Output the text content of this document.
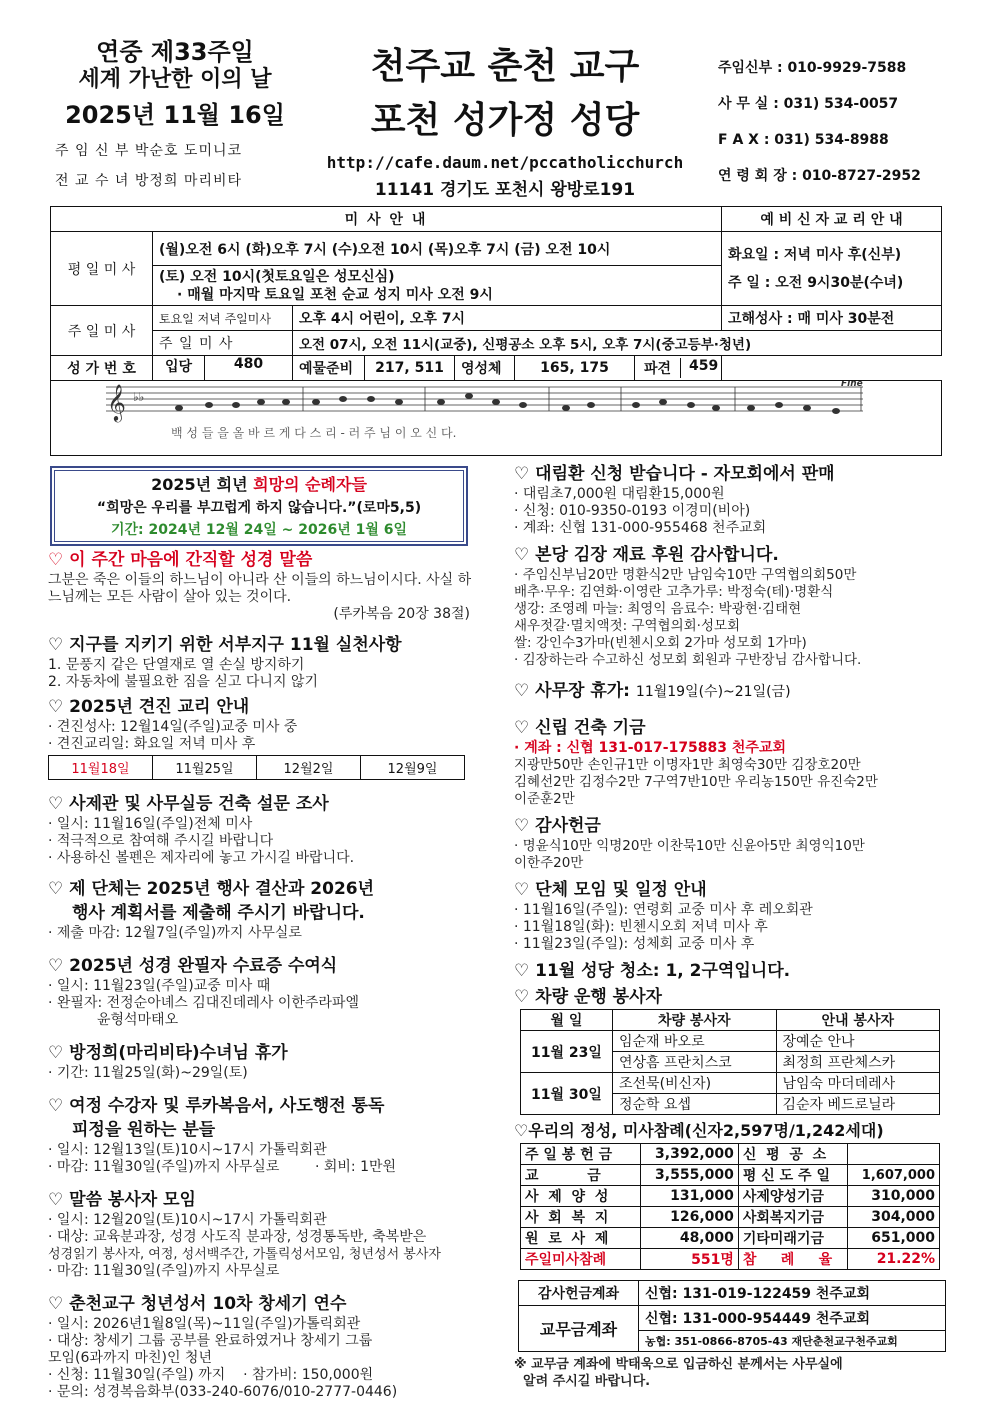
연중 제33주일
세계 가난한 이의 날
2025년 11월 16일
주 임 신 부 박순호 도미니코
전 교 수 녀 방정희 마리비타
천주교 춘천 교구
포천 성가정 성당
http://cafe.daum.net/pccatholicchurch
11141 경기도 포천시 왕방로191
주임신부 : 010-9929-7588
사 무 실 : 031) 534-0057
F A X : 031) 534-8988
연 령 회 장 : 010-8727-2952
미 사 안 내							예 비 신 자 교 리 안 내
평 일 미 사	(월)오전 6시 (화)오후 7시 (수)오전 10시 (목)오후 7시 (금) 오전 10시						화요일 : 저녁 미사 후(신부)
주 일 : 오전 9시30분(수녀)

	(토) 오전 10시(첫토요일은 성모신심)
· 매월 마지막 토요일 포천 순교 성지 미사 오전 9시						

주 일 미 사	토요일 저녁 주일미사	오후 4시 어린이, 오후 7시					고해성사 : 매 미사 30분전
	주 일 미 사	오전 07시, 오전 11시(교중), 신평공소 오후 5시, 오후 7시(중고등부·청년)					
성 가 번 호	입당 480	예물준비	217, 511	영성체	165, 175	파견 459	

𝄞 ♭♭
Fine
백 성 들 을 올 바 르 게 다 스 리 - 러 주 님 이 오 신 다.							
2025년 희년 희망의 순례자들
“희망은 우리를 부끄럽게 하지 않습니다.”(로마5,5)
기간: 2024년 12월 24일 ~ 2026년 1월 6일
♡ 이 주간 마음에 간직할 성경 말씀
그분은 죽은 이들의 하느님이 아니라 산 이들의 하느님이시다. 사실 하느님께는 모든 사람이 살아 있는 것이다.
(루카복음 20장 38절)
♡ 지구를 지키기 위한 서부지구 11월 실천사항
1. 문풍지 같은 단열재로 열 손실 방지하기
2. 자동차에 불필요한 짐을 싣고 다니지 않기
♡ 2025년 견진 교리 안내
· 견진성사: 12월14일(주일)교중 미사 중
· 견진교리일: 화요일 저녁 미사 후
11월18일	11월25일	12월2일	12월9일
♡ 사제관 및 사무실등 건축 설문 조사
· 일시: 11월16일(주일)전체 미사
· 적극적으로 참여해 주시길 바랍니다
· 사용하신 볼펜은 제자리에 놓고 가시길 바랍니다.
♡ 제 단체는 2025년 행사 결산과 2026년
행사 계획서를 제출해 주시기 바랍니다.
· 제출 마감: 12월7일(주일)까지 사무실로
♡ 2025년 성경 완필자 수료증 수여식
· 일시: 11월23일(주일)교중 미사 때
· 완필자: 전정순아녜스 김대진데레사 이한주라파엘
윤형석마태오
♡ 방정희(마리비타)수녀님 휴가
· 기간: 11월25일(화)~29일(토)
♡ 여정 수강자 및 루카복음서, 사도행전 통독
피정을 원하는 분들
· 일시: 12월13일(토)10시~17시 가톨릭회관
· 마감: 11월30일(주일)까지 사무실로        · 회비: 1만원
♡ 말씀 봉사자 모임
· 일시: 12월20일(토)10시~17시 가톨릭회관
· 대상: 교육분과장, 성경 사도직 분과장, 성경통독반, 축복받은
성경읽기 봉사자, 여정, 성서백주간, 가톨릭성서모임, 청년성서 봉사자
· 마감: 11월30일(주일)까지 사무실로
♡ 춘천교구 청년성서 10차 창세기 연수
· 일시: 2026년1월8일(목)~11일(주일)가톨릭회관
· 대상: 창세기 그룹 공부를 완료하였거나 창세기 그룹
모임(6과까지 마친)인 청년
· 신청: 11월30일(주일) 까지    · 참가비: 150,000원
· 문의: 성경복음화부(033-240-6076/010-2777-0446)
♡ 대림환 신청 받습니다 - 자모회에서 판매
· 대림초7,000원 대림환15,000원
· 신청: 010-9350-0193 이경미(비아)
· 계좌: 신협 131-000-955468 천주교회
♡ 본당 김장 재료 후원 감사합니다.
· 주임신부님20만 명환식2만 남임숙10만 구역협의회50만
배추·무우: 김연화·이영란 고추가루: 박정숙(테)·명환식
생강: 조영례 마늘: 최영익 음료수: 박광현·김태현
새우젓갈·멸치액젓: 구역협의회·성모회
쌀: 강인수3가마(빈첸시오회 2가마 성모회 1가마)
· 김장하는라 수고하신 성모회 회원과 구반장님 감사합니다.
♡ 사무장 휴가: 11월19일(수)~21일(금)
♡ 신립 건축 기금
· 계좌 : 신협 131-017-175883 천주교회
지광만50만 손인규1만 이명자1만 최영숙30만 김장호20만
김혜선2만 김정수2만 7구역7반10만 우리농150만 유진숙2만
이준훈2만
♡ 감사헌금
· 명윤식10만 익명20만 이찬묵10만 신윤아5만 최영익10만
이한주20만
♡ 단체 모임 및 일정 안내
· 11월16일(주일): 연령회 교중 미사 후 레오회관
· 11월18일(화): 빈첸시오회 저녁 미사 후
· 11월23일(주일): 성체회 교중 미사 후
♡ 11월 성당 청소: 1, 2구역입니다.
♡ 차량 운행 봉사자
월 일	차량 봉사자	안내 봉사자
11월 23일	임순재 바오로	장예순 안나
	연상흠 프란치스코	최정희 프란체스카
11월 30일	조선묵(비신자)	남임숙 마더데레사
	정순학 요셉	김순자 베드로닐라
♡우리의 정성, 미사참례(신자2,597명/1,242세대)
주 일 봉 헌 금	3,392,000	신  평  공  소	
교          금	3,555,000	평 신 도 주 일	1,607,000
사  제  양  성	131,000	사제양성기금	310,000
사  회  복  지	126,000	사회복지기금	304,000
원  로  사  제	48,000	기타미래기금	651,000
주일미사참례	551명	참     례     율	21.22%
감사헌금계좌	신협: 131-019-122459 천주교회
교무금계좌	신협: 131-000-954449 천주교회
농협: 351-0866-8705-43 재단춘천교구천주교회
※ 교무금 계좌에 박태욱으로 입금하신 분께서는 사무실에
알려 주시길 바랍니다.
